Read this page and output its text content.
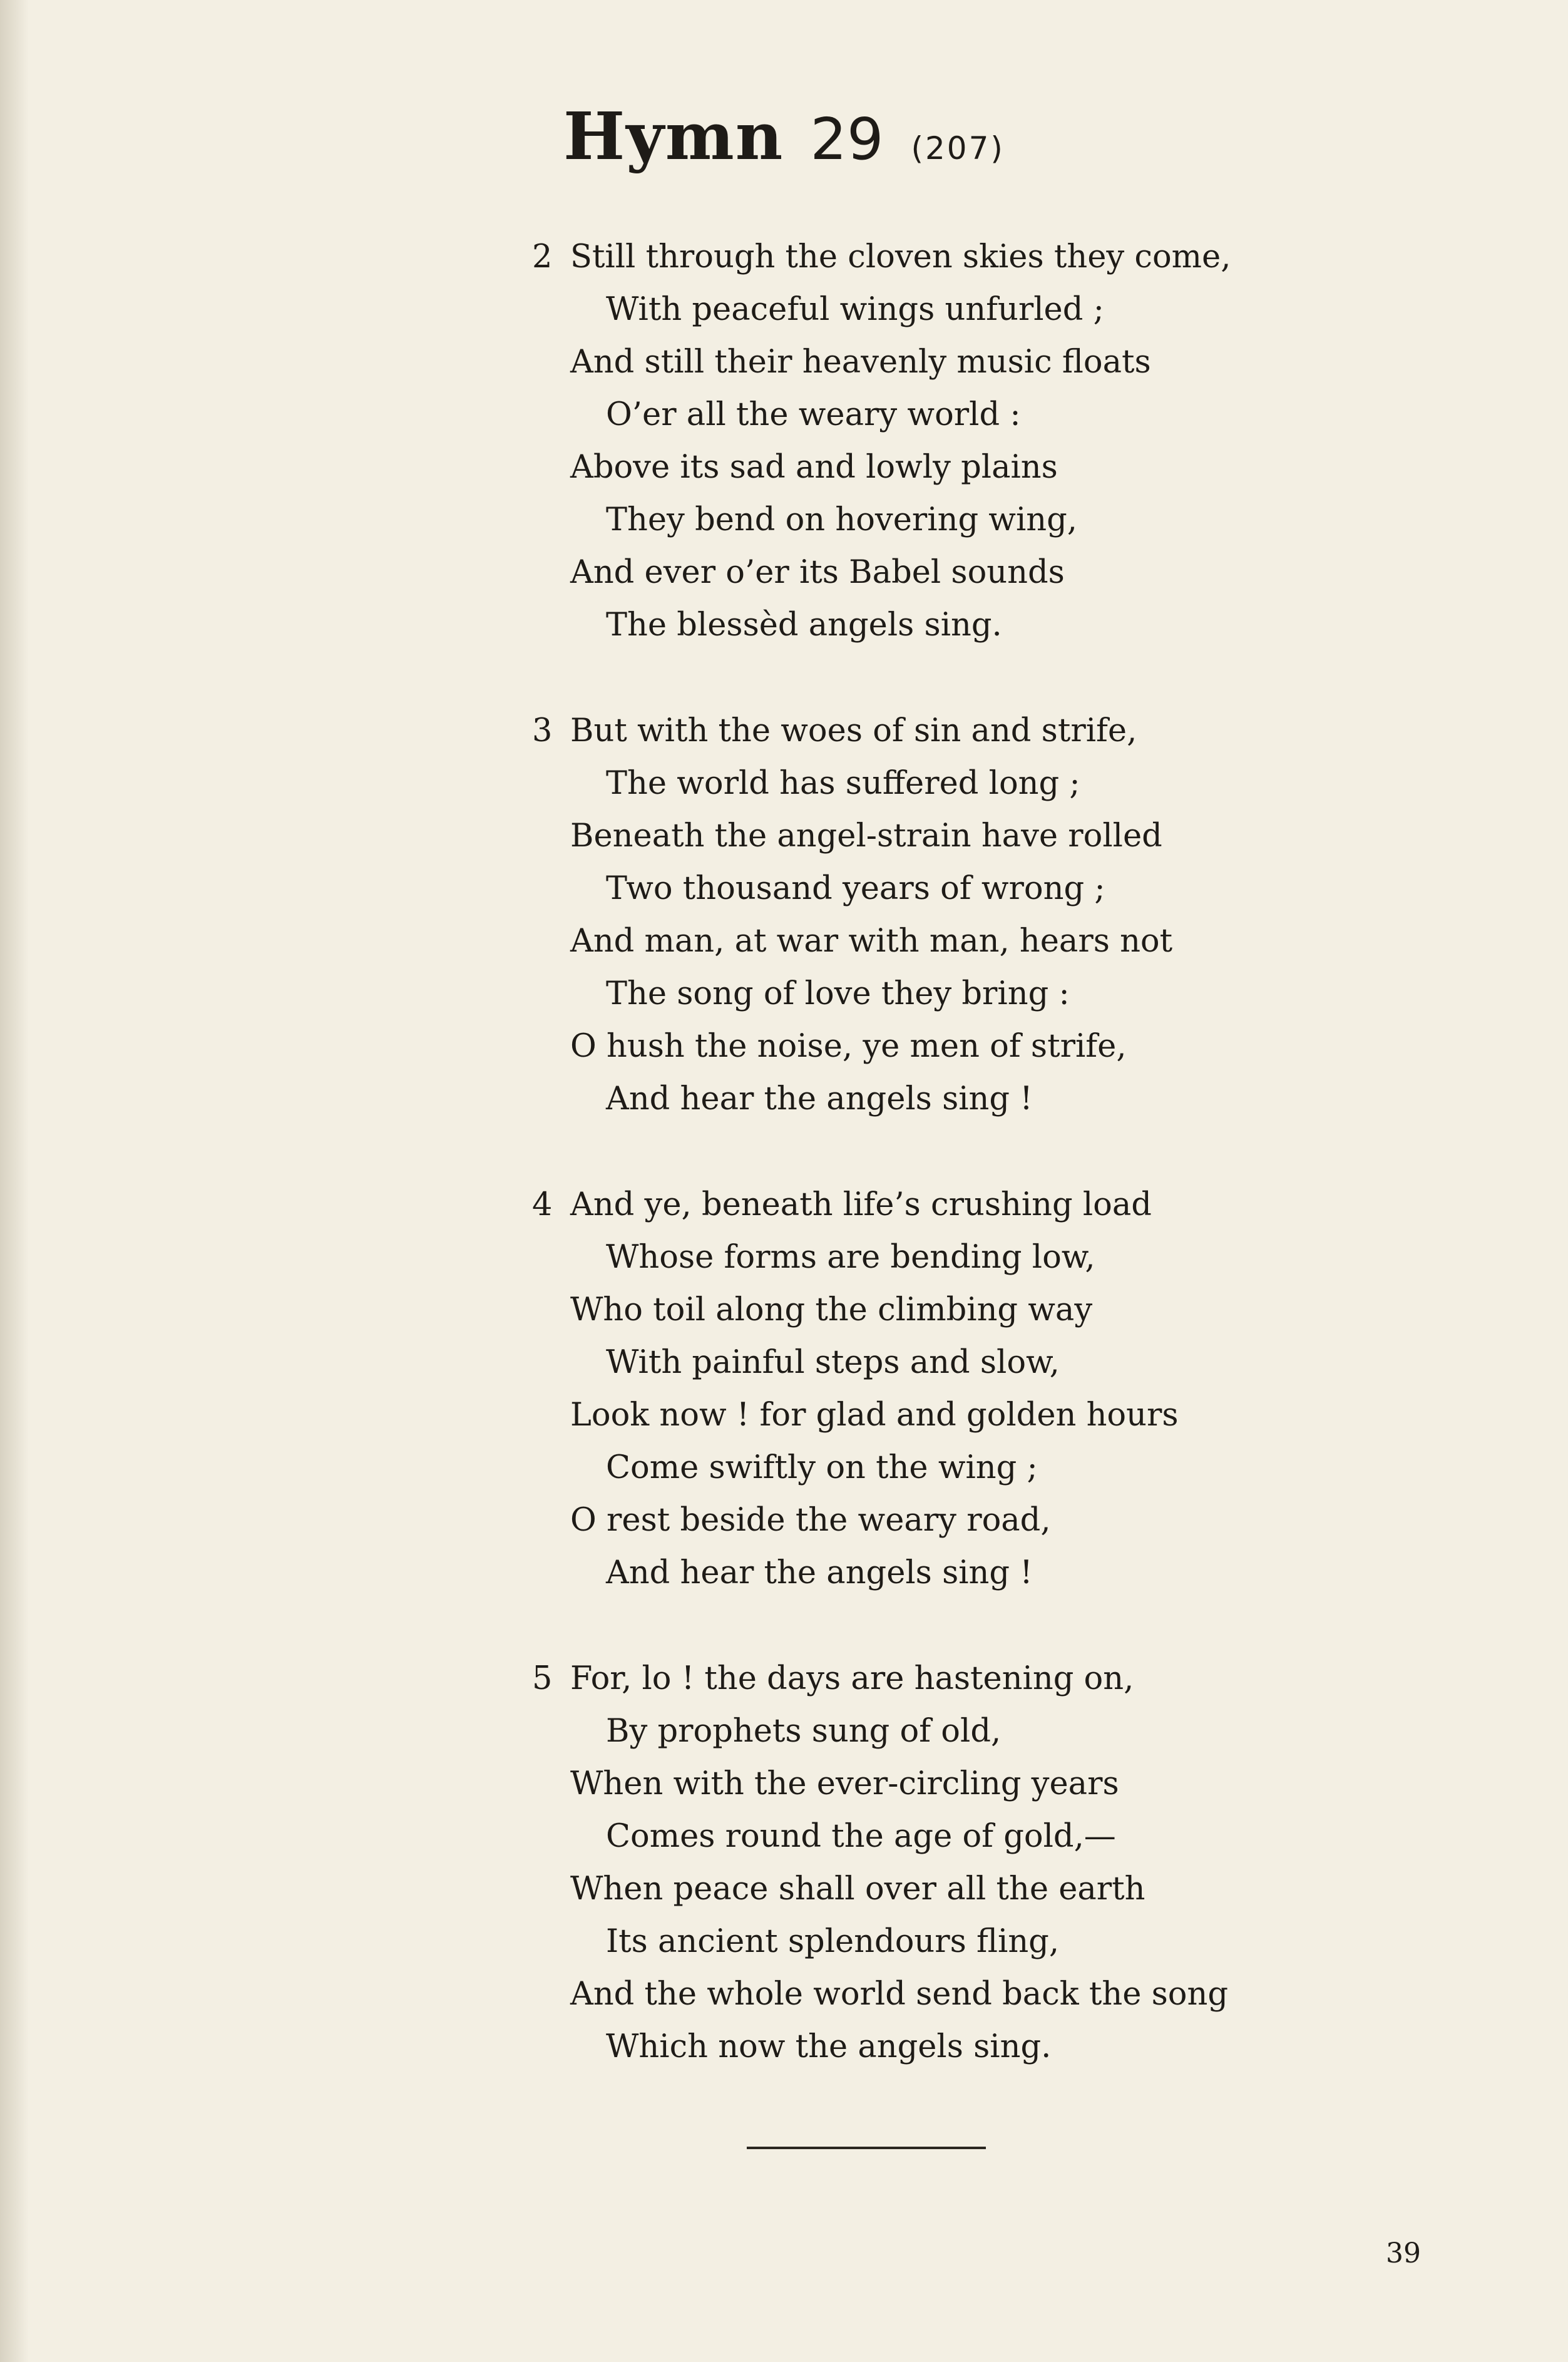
Hymn 29 (207)
2 Still through the cloven skies they come,
With peaceful wings unfurled ;
And still their heavenly music floats
O’er all the weary world :
Above its sad and lowly plains
They bend on hovering wing,
And ever o’er its Babel sounds
The blessèd angels sing.
3 But with the woes of sin and strife,
The world has suffered long ;
Beneath the angel-strain have rolled
Two thousand years of wrong ;
And man, at war with man, hears not
The song of love they bring :
O hush the noise, ye men of strife,
And hear the angels sing !
4 And ye, beneath life’s crushing load
Whose forms are bending low,
Who toil along the climbing way
With painful steps and slow,
Look now ! for glad and golden hours
Come swiftly on the wing ;
O rest beside the weary road,
And hear the angels sing !
5 For, lo ! the days are hastening on,
By prophets sung of old,
When with the ever-circling years
Comes round the age of gold,—
When peace shall over all the earth
Its ancient splendours fling,
And the whole world send back the song
Which now the angels sing.
39
